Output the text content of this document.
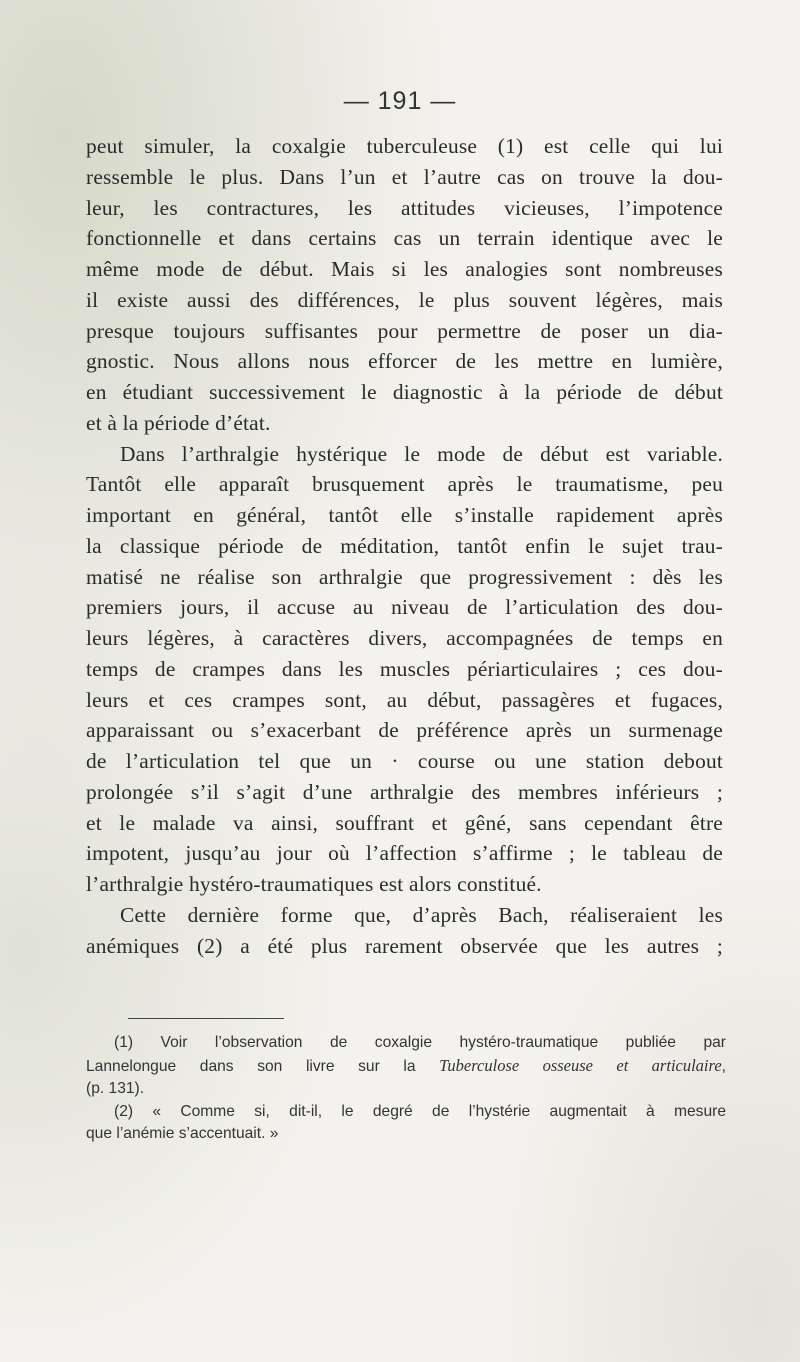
— 191 —
peut simuler, la coxalgie tuberculeuse (1) est celle qui lui
ressemble le plus. Dans l’un et l’autre cas on trouve la dou-
leur, les contractures, les attitudes vicieuses, l’impotence
fonctionnelle et dans certains cas un terrain identique avec le
même mode de début. Mais si les analogies sont nombreuses
il existe aussi des différences, le plus souvent légères, mais
presque toujours suffisantes pour permettre de poser un dia-
gnostic. Nous allons nous efforcer de les mettre en lumière,
en étudiant successivement le diagnostic à la période de début
et à la période d’état.
Dans l’arthralgie hystérique le mode de début est variable.
Tantôt elle apparaît brusquement après le traumatisme, peu
important en général, tantôt elle s’installe rapidement après
la classique période de méditation, tantôt enfin le sujet trau-
matisé ne réalise son arthralgie que progressivement : dès les
premiers jours, il accuse au niveau de l’articulation des dou-
leurs légères, à caractères divers, accompagnées de temps en
temps de crampes dans les muscles périarticulaires ; ces dou-
leurs et ces crampes sont, au début, passagères et fugaces,
apparaissant ou s’exacerbant de préférence après un surmenage
de l’articulation tel que un · course ou une station debout
prolongée s’il s’agit d’une arthralgie des membres inférieurs ;
et le malade va ainsi, souffrant et gêné, sans cependant être
impotent, jusqu’au jour où l’affection s’affirme ; le tableau de
l’arthralgie hystéro-traumatiques est alors constitué.
Cette dernière forme que, d’après Bach, réaliseraient les
anémiques (2) a été plus rarement observée que les autres ;
(1) Voir l’observation de coxalgie hystéro-traumatique publiée par
Lannelongue dans son livre sur la Tuberculose osseuse et articulaire,
(p. 131).
(2) « Comme si, dit-il, le degré de l’hystérie augmentait à mesure
que l’anémie s’accentuait. »
